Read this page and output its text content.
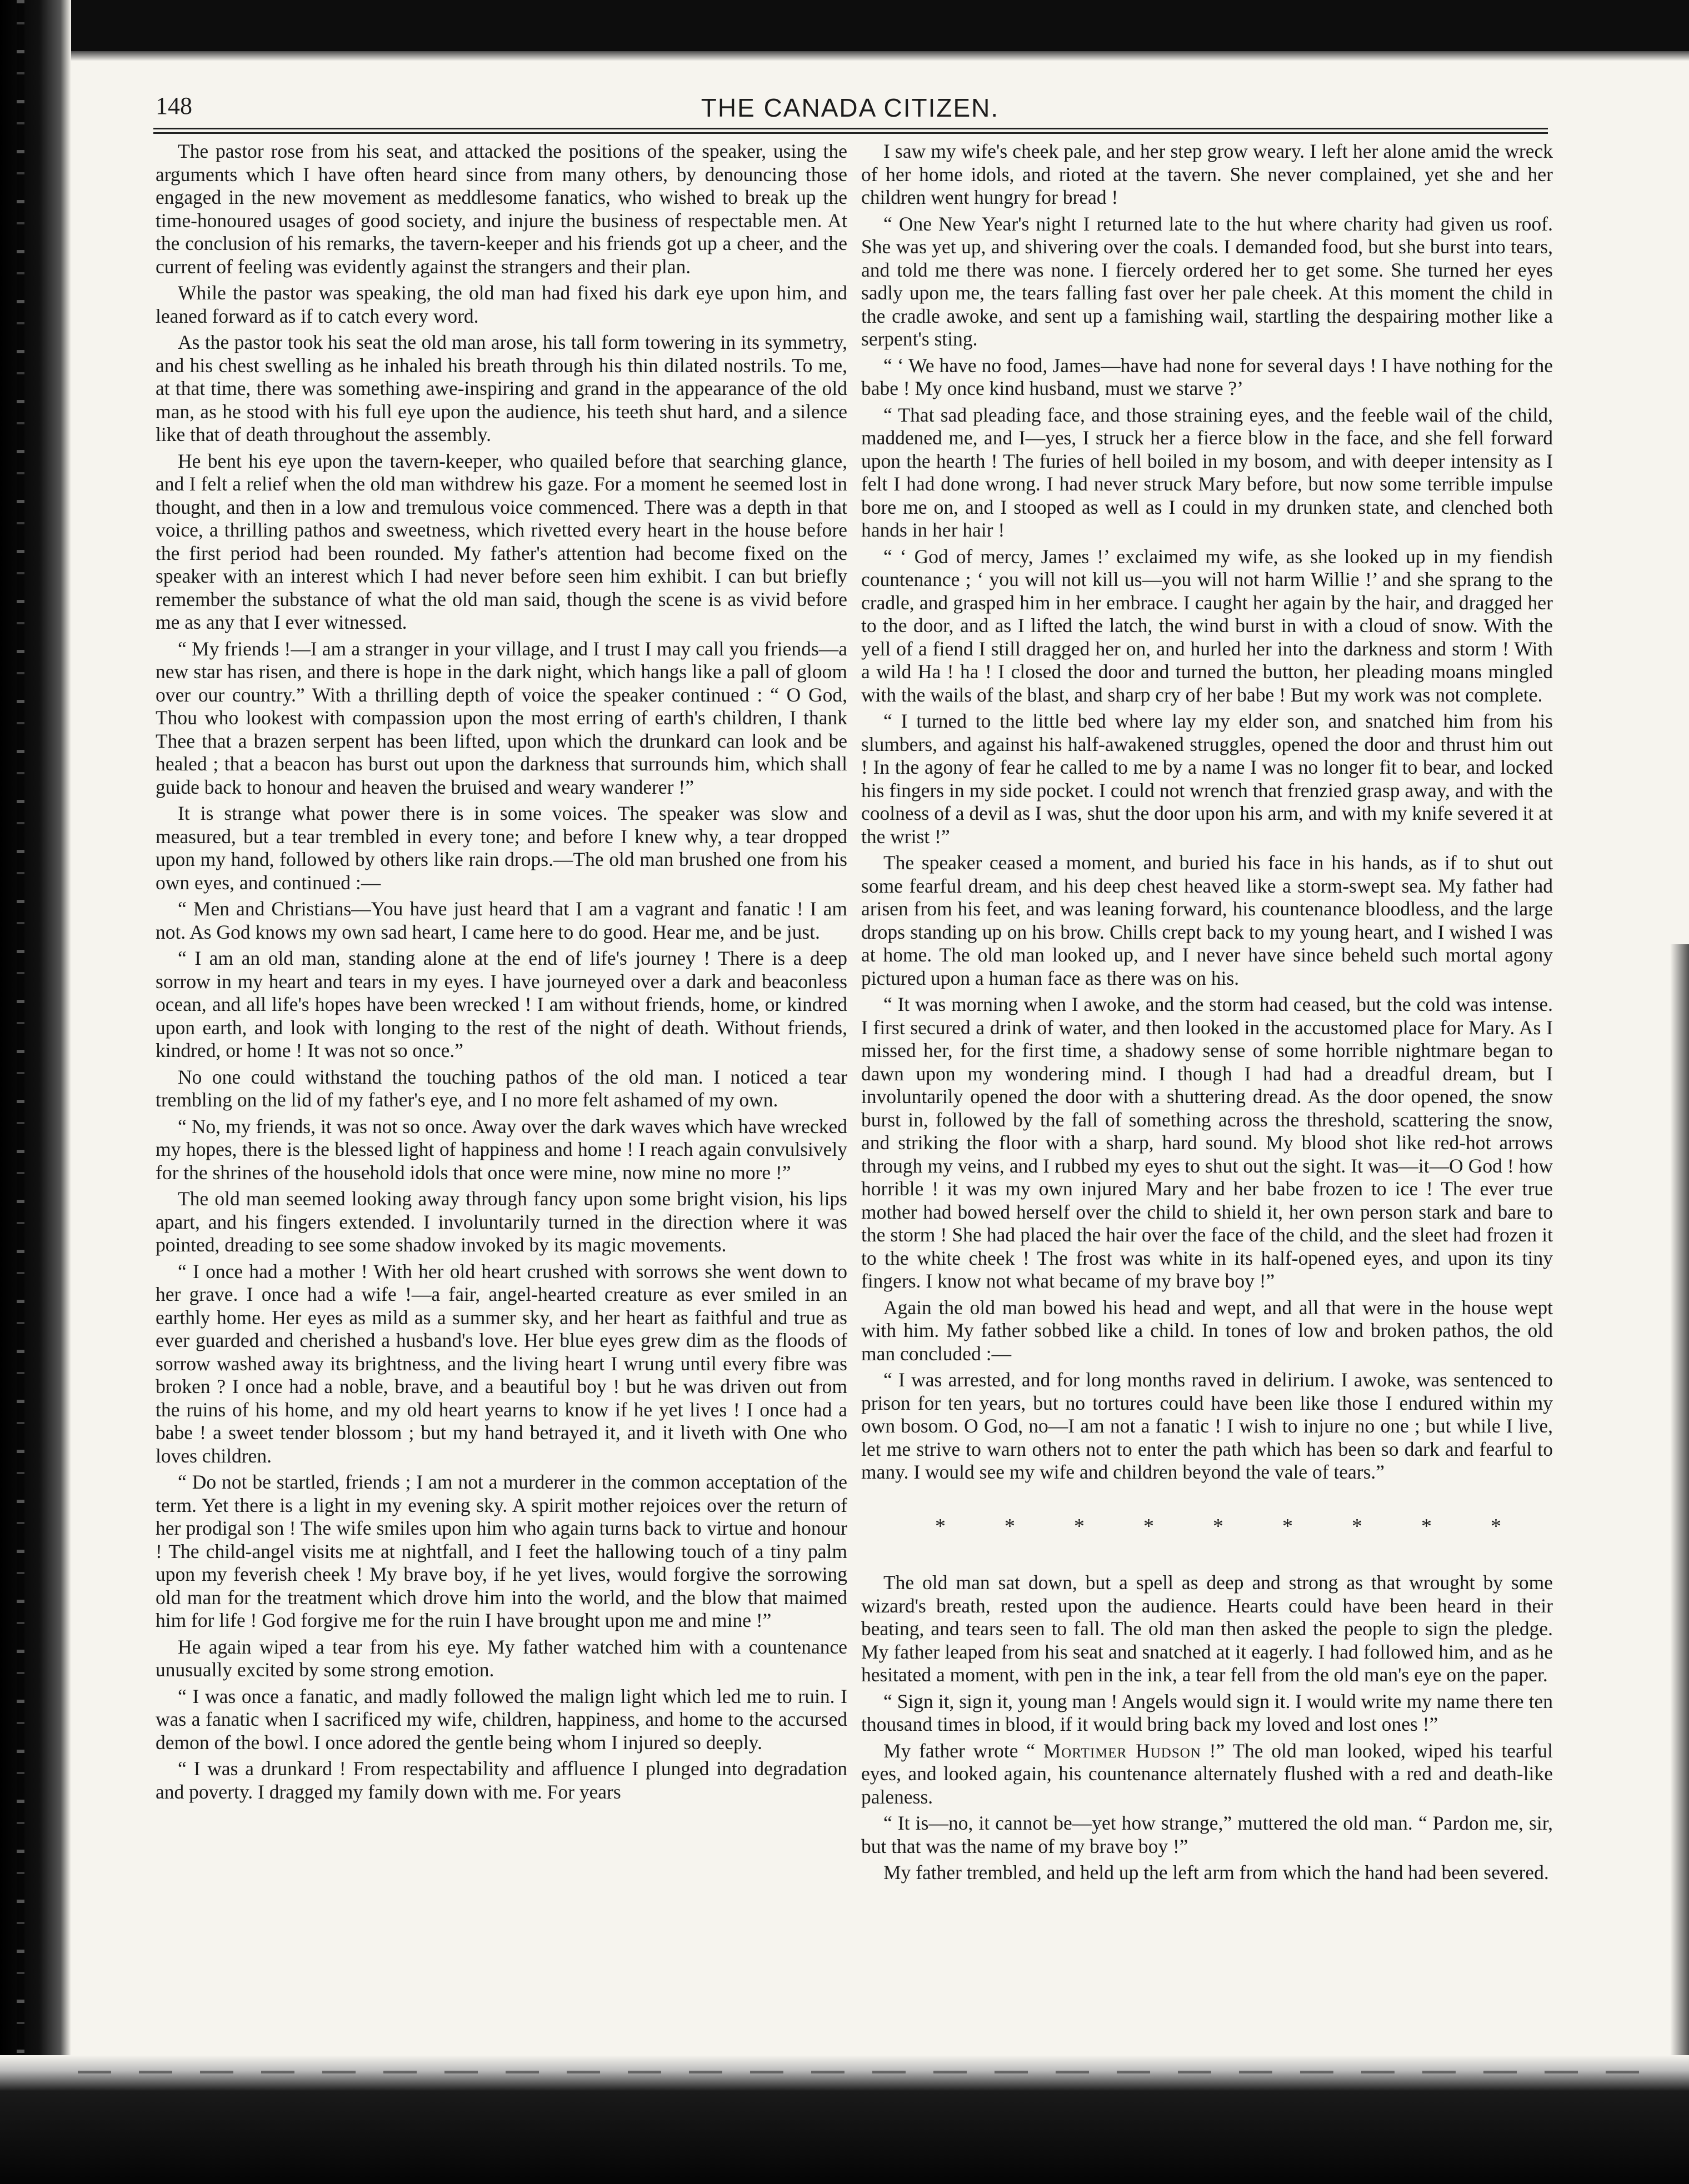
148	THE CANADA CITIZEN.

The pastor rose from his seat, and attacked the positions of the speaker, using the arguments which I have often heard since from many others, by denouncing those engaged in the new movement as meddlesome fanatics, who wished to break up the time-honoured usages of good society, and injure the business of respectable men. At the conclusion of his remarks, the tavern-keeper and his friends got up a cheer, and the current of feeling was evidently against the strangers and their plan.

While the pastor was speaking, the old man had fixed his dark eye upon him, and leaned forward as if to catch every word.

As the pastor took his seat the old man arose, his tall form towering in its symmetry, and his chest swelling as he inhaled his breath through his thin dilated nostrils. To me, at that time, there was something awe-inspiring and grand in the appearance of the old man, as he stood with his full eye upon the audience, his teeth shut hard, and a silence like that of death throughout the assembly.

He bent his eye upon the tavern-keeper, who quailed before that searching glance, and I felt a relief when the old man withdrew his gaze. For a moment he seemed lost in thought, and then in a low and tremulous voice commenced. There was a depth in that voice, a thrilling pathos and sweetness, which rivetted every heart in the house before the first period had been rounded. My father's attention had become fixed on the speaker with an interest which I had never before seen him exhibit. I can but briefly remember the substance of what the old man said, though the scene is as vivid before me as any that I ever witnessed.

“ My friends !—I am a stranger in your village, and I trust I may call you friends—a new star has risen, and there is hope in the dark night, which hangs like a pall of gloom over our country.” With a thrilling depth of voice the speaker continued : “ O God, Thou who lookest with compassion upon the most erring of earth's children, I thank Thee that a brazen serpent has been lifted, upon which the drunkard can look and be healed ; that a beacon has burst out upon the darkness that surrounds him, which shall guide back to honour and heaven the bruised and weary wanderer !”

It is strange what power there is in some voices. The speaker was slow and measured, but a tear trembled in every tone; and before I knew why, a tear dropped upon my hand, followed by others like rain drops.—The old man brushed one from his own eyes, and continued :—

“ Men and Christians—You have just heard that I am a vagrant and fanatic ! I am not. As God knows my own sad heart, I came here to do good. Hear me, and be just.

“ I am an old man, standing alone at the end of life's journey ! There is a deep sorrow in my heart and tears in my eyes. I have journeyed over a dark and beaconless ocean, and all life's hopes have been wrecked ! I am without friends, home, or kindred upon earth, and look with longing to the rest of the night of death. Without friends, kindred, or home ! It was not so once.”

No one could withstand the touching pathos of the old man. I noticed a tear trembling on the lid of my father's eye, and I no more felt ashamed of my own.

“ No, my friends, it was not so once. Away over the dark waves which have wrecked my hopes, there is the blessed light of happiness and home ! I reach again convulsively for the shrines of the household idols that once were mine, now mine no more !”

The old man seemed looking away through fancy upon some bright vision, his lips apart, and his fingers extended. I involuntarily turned in the direction where it was pointed, dreading to see some shadow invoked by its magic movements.

“ I once had a mother ! With her old heart crushed with sorrows she went down to her grave. I once had a wife !—a fair, angel-hearted creature as ever smiled in an earthly home. Her eyes as mild as a summer sky, and her heart as faithful and true as ever guarded and cherished a husband's love. Her blue eyes grew dim as the floods of sorrow washed away its brightness, and the living heart I wrung until every fibre was broken ? I once had a noble, brave, and a beautiful boy ! but he was driven out from the ruins of his home, and my old heart yearns to know if he yet lives ! I once had a babe ! a sweet tender blossom ; but my hand betrayed it, and it liveth with One who loves children.

“ Do not be startled, friends ; I am not a murderer in the common acceptation of the term. Yet there is a light in my evening sky. A spirit mother rejoices over the return of her prodigal son ! The wife smiles upon him who again turns back to virtue and honour ! The child-angel visits me at nightfall, and I feet the hallowing touch of a tiny palm upon my feverish cheek ! My brave boy, if he yet lives, would forgive the sorrowing old man for the treatment which drove him into the world, and the blow that maimed him for life ! God forgive me for the ruin I have brought upon me and mine !”

He again wiped a tear from his eye. My father watched him with a countenance unusually excited by some strong emotion.

“ I was once a fanatic, and madly followed the malign light which led me to ruin. I was a fanatic when I sacrificed my wife, children, happiness, and home to the accursed demon of the bowl. I once adored the gentle being whom I injured so deeply.

“ I was a drunkard ! From respectability and affluence I plunged into degradation and poverty. I dragged my family down with me. For years

I saw my wife's cheek pale, and her step grow weary. I left her alone amid the wreck of her home idols, and rioted at the tavern. She never complained, yet she and her children went hungry for bread !

“ One New Year's night I returned late to the hut where charity had given us roof. She was yet up, and shivering over the coals. I demanded food, but she burst into tears, and told me there was none. I fiercely ordered her to get some. She turned her eyes sadly upon me, the tears falling fast over her pale cheek. At this moment the child in the cradle awoke, and sent up a famishing wail, startling the despairing mother like a serpent's sting.

“ ‘ We have no food, James—have had none for several days ! I have nothing for the babe ! My once kind husband, must we starve ?’

“ That sad pleading face, and those straining eyes, and the feeble wail of the child, maddened me, and I—yes, I struck her a fierce blow in the face, and she fell forward upon the hearth ! The furies of hell boiled in my bosom, and with deeper intensity as I felt I had done wrong. I had never struck Mary before, but now some terrible impulse bore me on, and I stooped as well as I could in my drunken state, and clenched both hands in her hair !

“ ‘ God of mercy, James !’ exclaimed my wife, as she looked up in my fiendish countenance ; ‘ you will not kill us—you will not harm Willie !’ and she sprang to the cradle, and grasped him in her embrace. I caught her again by the hair, and dragged her to the door, and as I lifted the latch, the wind burst in with a cloud of snow. With the yell of a fiend I still dragged her on, and hurled her into the darkness and storm ! With a wild Ha ! ha ! I closed the door and turned the button, her pleading moans mingled with the wails of the blast, and sharp cry of her babe ! But my work was not complete.

“ I turned to the little bed where lay my elder son, and snatched him from his slumbers, and against his half-awakened struggles, opened the door and thrust him out ! In the agony of fear he called to me by a name I was no longer fit to bear, and locked his fingers in my side pocket. I could not wrench that frenzied grasp away, and with the coolness of a devil as I was, shut the door upon his arm, and with my knife severed it at the wrist !”

The speaker ceased a moment, and buried his face in his hands, as if to shut out some fearful dream, and his deep chest heaved like a storm-swept sea. My father had arisen from his feet, and was leaning forward, his countenance bloodless, and the large drops standing up on his brow. Chills crept back to my young heart, and I wished I was at home. The old man looked up, and I never have since beheld such mortal agony pictured upon a human face as there was on his.

“ It was morning when I awoke, and the storm had ceased, but the cold was intense. I first secured a drink of water, and then looked in the accustomed place for Mary. As I missed her, for the first time, a shadowy sense of some horrible nightmare began to dawn upon my wondering mind. I though I had had a dreadful dream, but I involuntarily opened the door with a shuttering dread. As the door opened, the snow burst in, followed by the fall of something across the threshold, scattering the snow, and striking the floor with a sharp, hard sound. My blood shot like red-hot arrows through my veins, and I rubbed my eyes to shut out the sight. It was—it—O God ! how horrible ! it was my own injured Mary and her babe frozen to ice ! The ever true mother had bowed herself over the child to shield it, her own person stark and bare to the storm ! She had placed the hair over the face of the child, and the sleet had frozen it to the white cheek ! The frost was white in its half-opened eyes, and upon its tiny fingers. I know not what became of my brave boy !”

Again the old man bowed his head and wept, and all that were in the house wept with him. My father sobbed like a child. In tones of low and broken pathos, the old man concluded :—

“ I was arrested, and for long months raved in delirium. I awoke, was sentenced to prison for ten years, but no tortures could have been like those I endured within my own bosom. O God, no—I am not a fanatic ! I wish to injure no one ; but while I live, let me strive to warn others not to enter the path which has been so dark and fearful to many. I would see my wife and children beyond the vale of tears.”

*	*	*	*	*	*	*	*	*

The old man sat down, but a spell as deep and strong as that wrought by some wizard's breath, rested upon the audience. Hearts could have been heard in their beating, and tears seen to fall. The old man then asked the people to sign the pledge. My father leaped from his seat and snatched at it eagerly. I had followed him, and as he hesitated a moment, with pen in the ink, a tear fell from the old man's eye on the paper.

“ Sign it, sign it, young man ! Angels would sign it. I would write my name there ten thousand times in blood, if it would bring back my loved and lost ones !”

My father wrote “ Mortimer Hudson !” The old man looked, wiped his tearful eyes, and looked again, his countenance alternately flushed with a red and death-like paleness.

“ It is—no, it cannot be—yet how strange,” muttered the old man. “ Pardon me, sir, but that was the name of my brave boy !”

My father trembled, and held up the left arm from which the hand had been severed.
